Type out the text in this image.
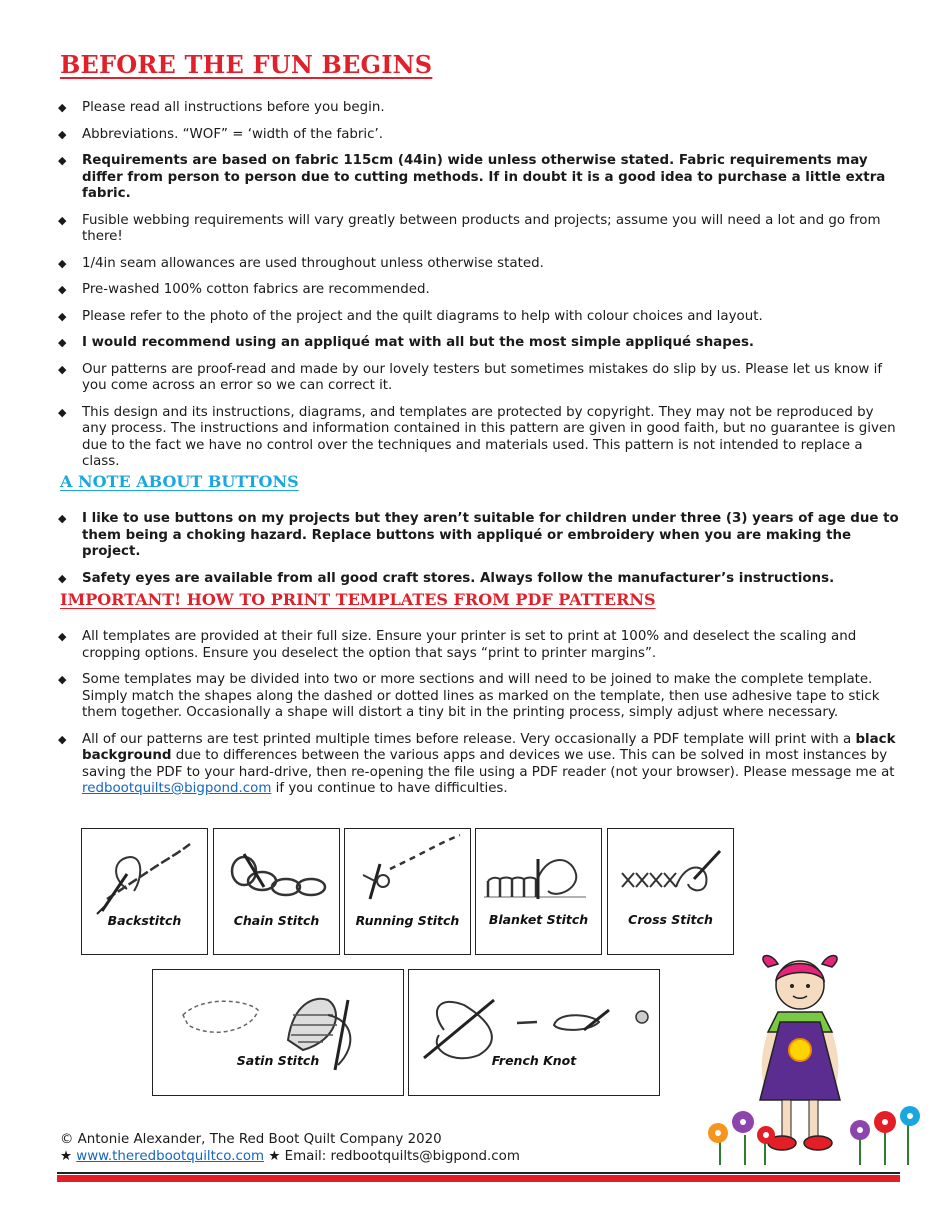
BEFORE THE FUN BEGINS
◆ Please read all instructions before you begin.
◆ Abbreviations. “WOF” = ‘width of the fabric’.
◆ Requirements are based on fabric 115cm (44in) wide unless otherwise stated. Fabric requirements may differ from person to person due to cutting methods. If in doubt it is a good idea to purchase a little extra fabric.
◆ Fusible webbing requirements will vary greatly between products and projects; assume you will need a lot and go from there!
◆ 1/4in seam allowances are used throughout unless otherwise stated.
◆ Pre-washed 100% cotton fabrics are recommended.
◆ Please refer to the photo of the project and the quilt diagrams to help with colour choices and layout.
◆ I would recommend using an appliqué mat with all but the most simple appliqué shapes.
◆ Our patterns are proof-read and made by our lovely testers but sometimes mistakes do slip by us. Please let us know if you come across an error so we can correct it.
◆ This design and its instructions, diagrams, and templates are protected by copyright. They may not be reproduced by any process. The instructions and information contained in this pattern are given in good faith, but no guarantee is given due to the fact we have no control over the techniques and materials used. This pattern is not intended to replace a class.
A NOTE ABOUT BUTTONS
◆ I like to use buttons on my projects but they aren’t suitable for children under three (3) years of age due to them being a choking hazard. Replace buttons with appliqué or embroidery when you are making the project.
◆ Safety eyes are available from all good craft stores. Always follow the manufacturer’s instructions.
IMPORTANT! HOW TO PRINT TEMPLATES FROM PDF PATTERNS
◆ All templates are provided at their full size. Ensure your printer is set to print at 100% and deselect the scaling and cropping options. Ensure you deselect the option that says “print to printer margins”.
◆ Some templates may be divided into two or more sections and will need to be joined to make the complete template. Simply match the shapes along the dashed or dotted lines as marked on the template, then use adhesive tape to stick them together. Occasionally a shape will distort a tiny bit in the printing process, simply adjust where necessary.
◆ All of our patterns are test printed multiple times before release. Very occasionally a PDF template will print with a black background due to differences between the various apps and devices we use. This can be solved in most instances by saving the PDF to your hard-drive, then re-opening the file using a PDF reader (not your browser). Please message me at redbootquilts@bigpond.com if you continue to have difficulties.
Backstitch	Chain Stitch	Running Stitch	Blanket Stitch	Cross Stitch
Satin Stitch	French Knot
© Antonie Alexander, The Red Boot Quilt Company 2020
★ www.theredbootquiltco.com ★ Email: redbootquilts@bigpond.com
